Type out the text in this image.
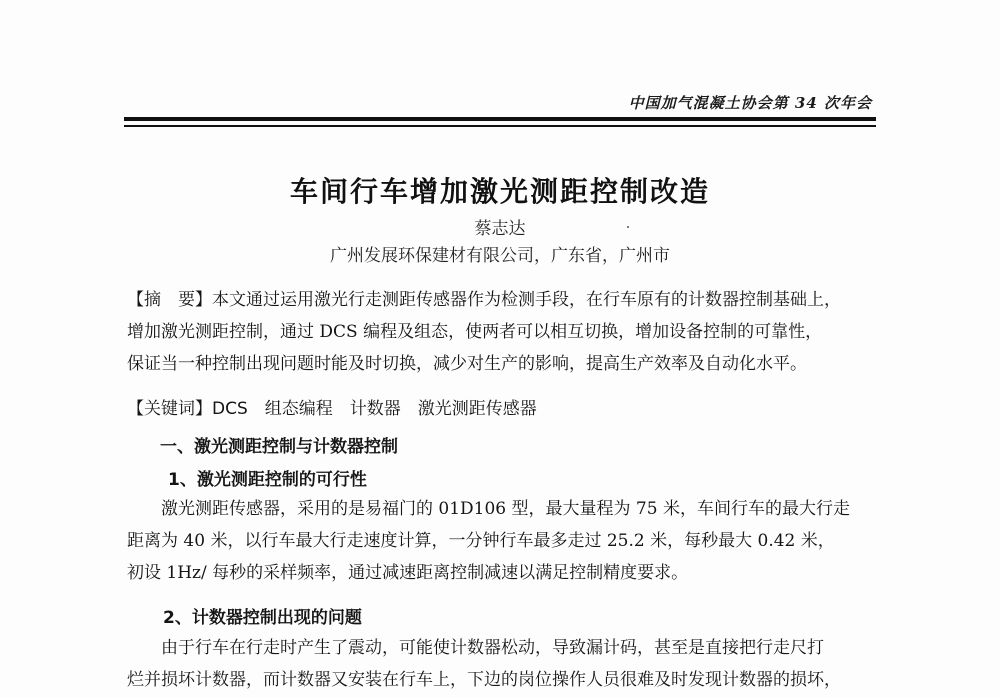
中国加气混凝土协会第 34 次年会
车间行车增加激光测距控制改造
蔡志达
广州发展环保建材有限公司，广东省，广州市
【摘　要】本文通过运用激光行走测距传感器作为检测手段，在行车原有的计数器控制基础上，
增加激光测距控制，通过 DCS 编程及组态，使两者可以相互切换，增加设备控制的可靠性，
保证当一种控制出现问题时能及时切换，减少对生产的影响，提高生产效率及自动化水平。
【关键词】DCS　组态编程　计数器　激光测距传感器
一、激光测距控制与计数器控制
1、激光测距控制的可行性
激光测距传感器，采用的是易福门的 01D106 型，最大量程为 75 米，车间行车的最大行走
距离为 40 米，以行车最大行走速度计算，一分钟行车最多走过 25.2 米，每秒最大 0.42 米，
初设 1Hz/ 每秒的采样频率，通过减速距离控制减速以满足控制精度要求。
2、计数器控制出现的问题
由于行车在行走时产生了震动，可能使计数器松动，导致漏计码，甚至是直接把行走尺打
烂并损坏计数器，而计数器又安装在行车上，下边的岗位操作人员很难及时发现计数器的损坏，
